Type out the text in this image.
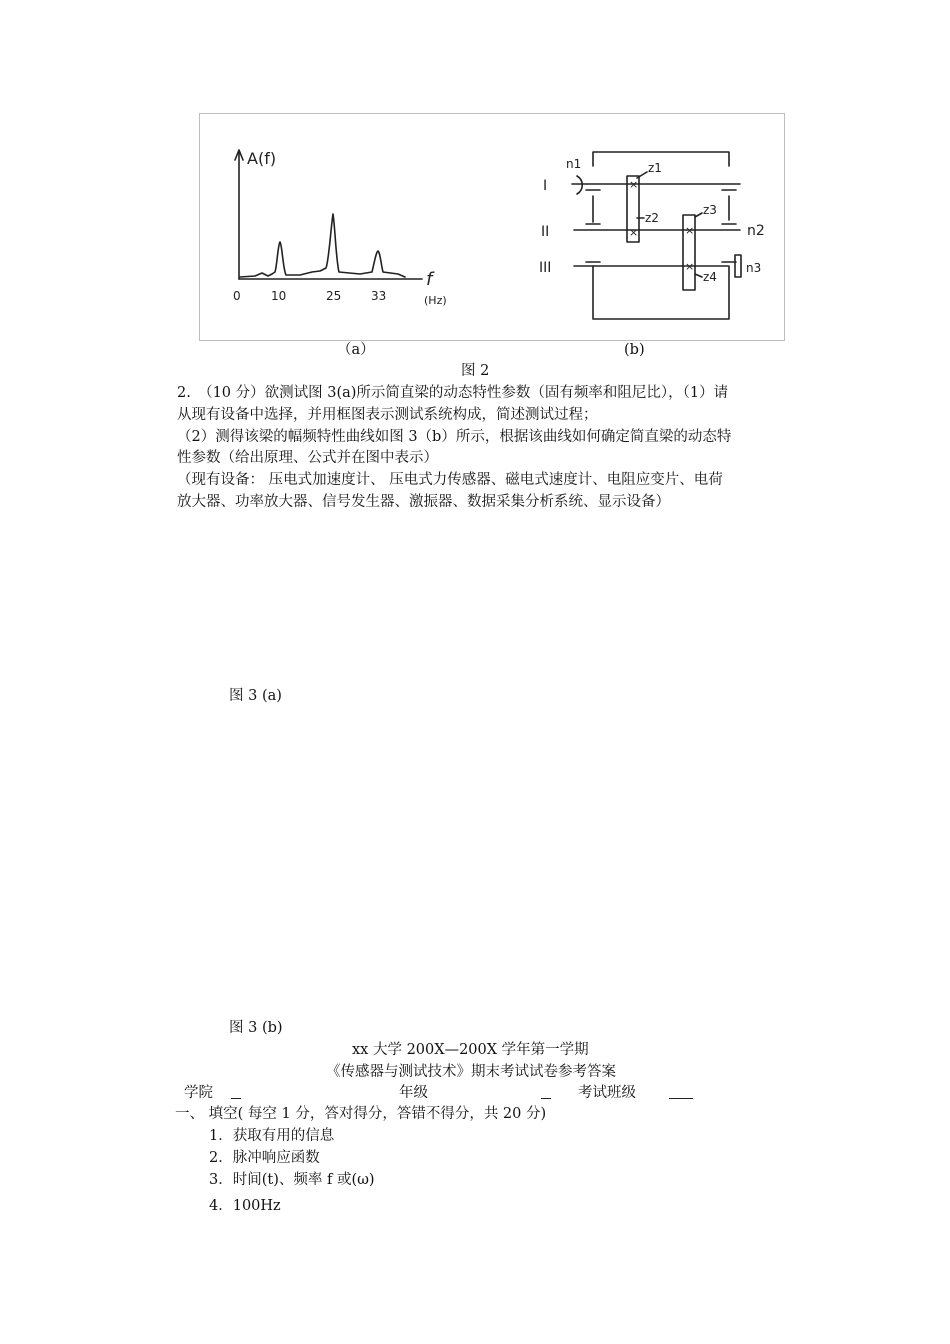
A(f)
f
(Hz)
0	10	25 33
×
×	×
×
I
II
III
z1
z2
z3
z4
n1
n2
n3
（a）	(b)
图 2
2.　（10 分）欲测试图 3(a)所示简直梁的动态特性参数（固有频率和阻尼比），（1）请
从现有设备中选择，并用框图表示测试系统构成，简述测试过程；
（2）测得该梁的幅频特性曲线如图 3（b）所示，根据该曲线如何确定简直梁的动态特
性参数（给出原理、公式并在图中表示）
（现有设备： 压电式加速度计、 压电式力传感器、磁电式速度计、电阻应变片、电荷
放大器、功率放大器、信号发生器、激振器、数据采集分析系统、显示设备）
图 3 (a)
图 3 (b)
xx 大学 200X—200X 学年第一学期
《传感器与测试技术》期末考试试卷参考答案
学院	年级	考试班级
一、 填空( 每空 1 分，答对得分，答错不得分，共 20 分)
1．获取有用的信息
2．脉冲响应函数
3．时间(t)、频率 f 或(ω)
4．100Hz
